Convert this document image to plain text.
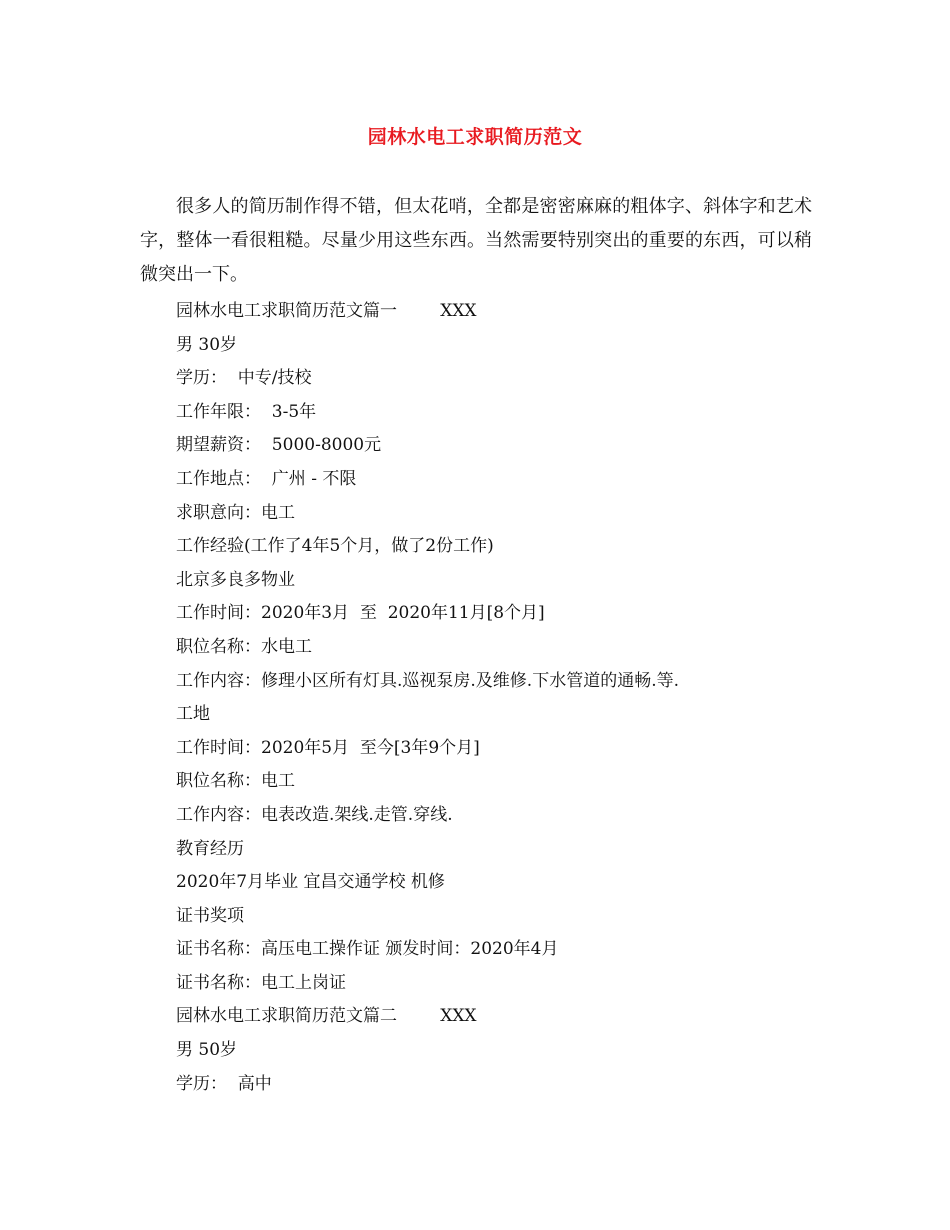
园林水电工求职简历范文

很多人的简历制作得不错，但太花哨，全都是密密麻麻的粗体字、斜体字和艺术字，整体一看很粗糙。尽量少用这些东西。当然需要特别突出的重要的东西，可以稍微突出一下。

园林水电工求职简历范文篇一        XXX
男 30岁
学历：  中专/技校
工作年限：  3-5年
期望薪资：  5000-8000元
工作地点：  广州 - 不限
求职意向：电工
工作经验(工作了4年5个月，做了2份工作)
北京多良多物业
工作时间：2020年3月  至  2020年11月[8个月]
职位名称：水电工
工作内容：修理小区所有灯具.巡视泵房.及维修.下水管道的通畅.等.
工地
工作时间：2020年5月  至今[3年9个月]
职位名称：电工
工作内容：电表改造.架线.走管.穿线.
教育经历
2020年7月毕业 宜昌交通学校 机修
证书奖项
证书名称：高压电工操作证 颁发时间：2020年4月
证书名称：电工上岗证
园林水电工求职简历范文篇二        XXX
男 50岁
学历：  高中
